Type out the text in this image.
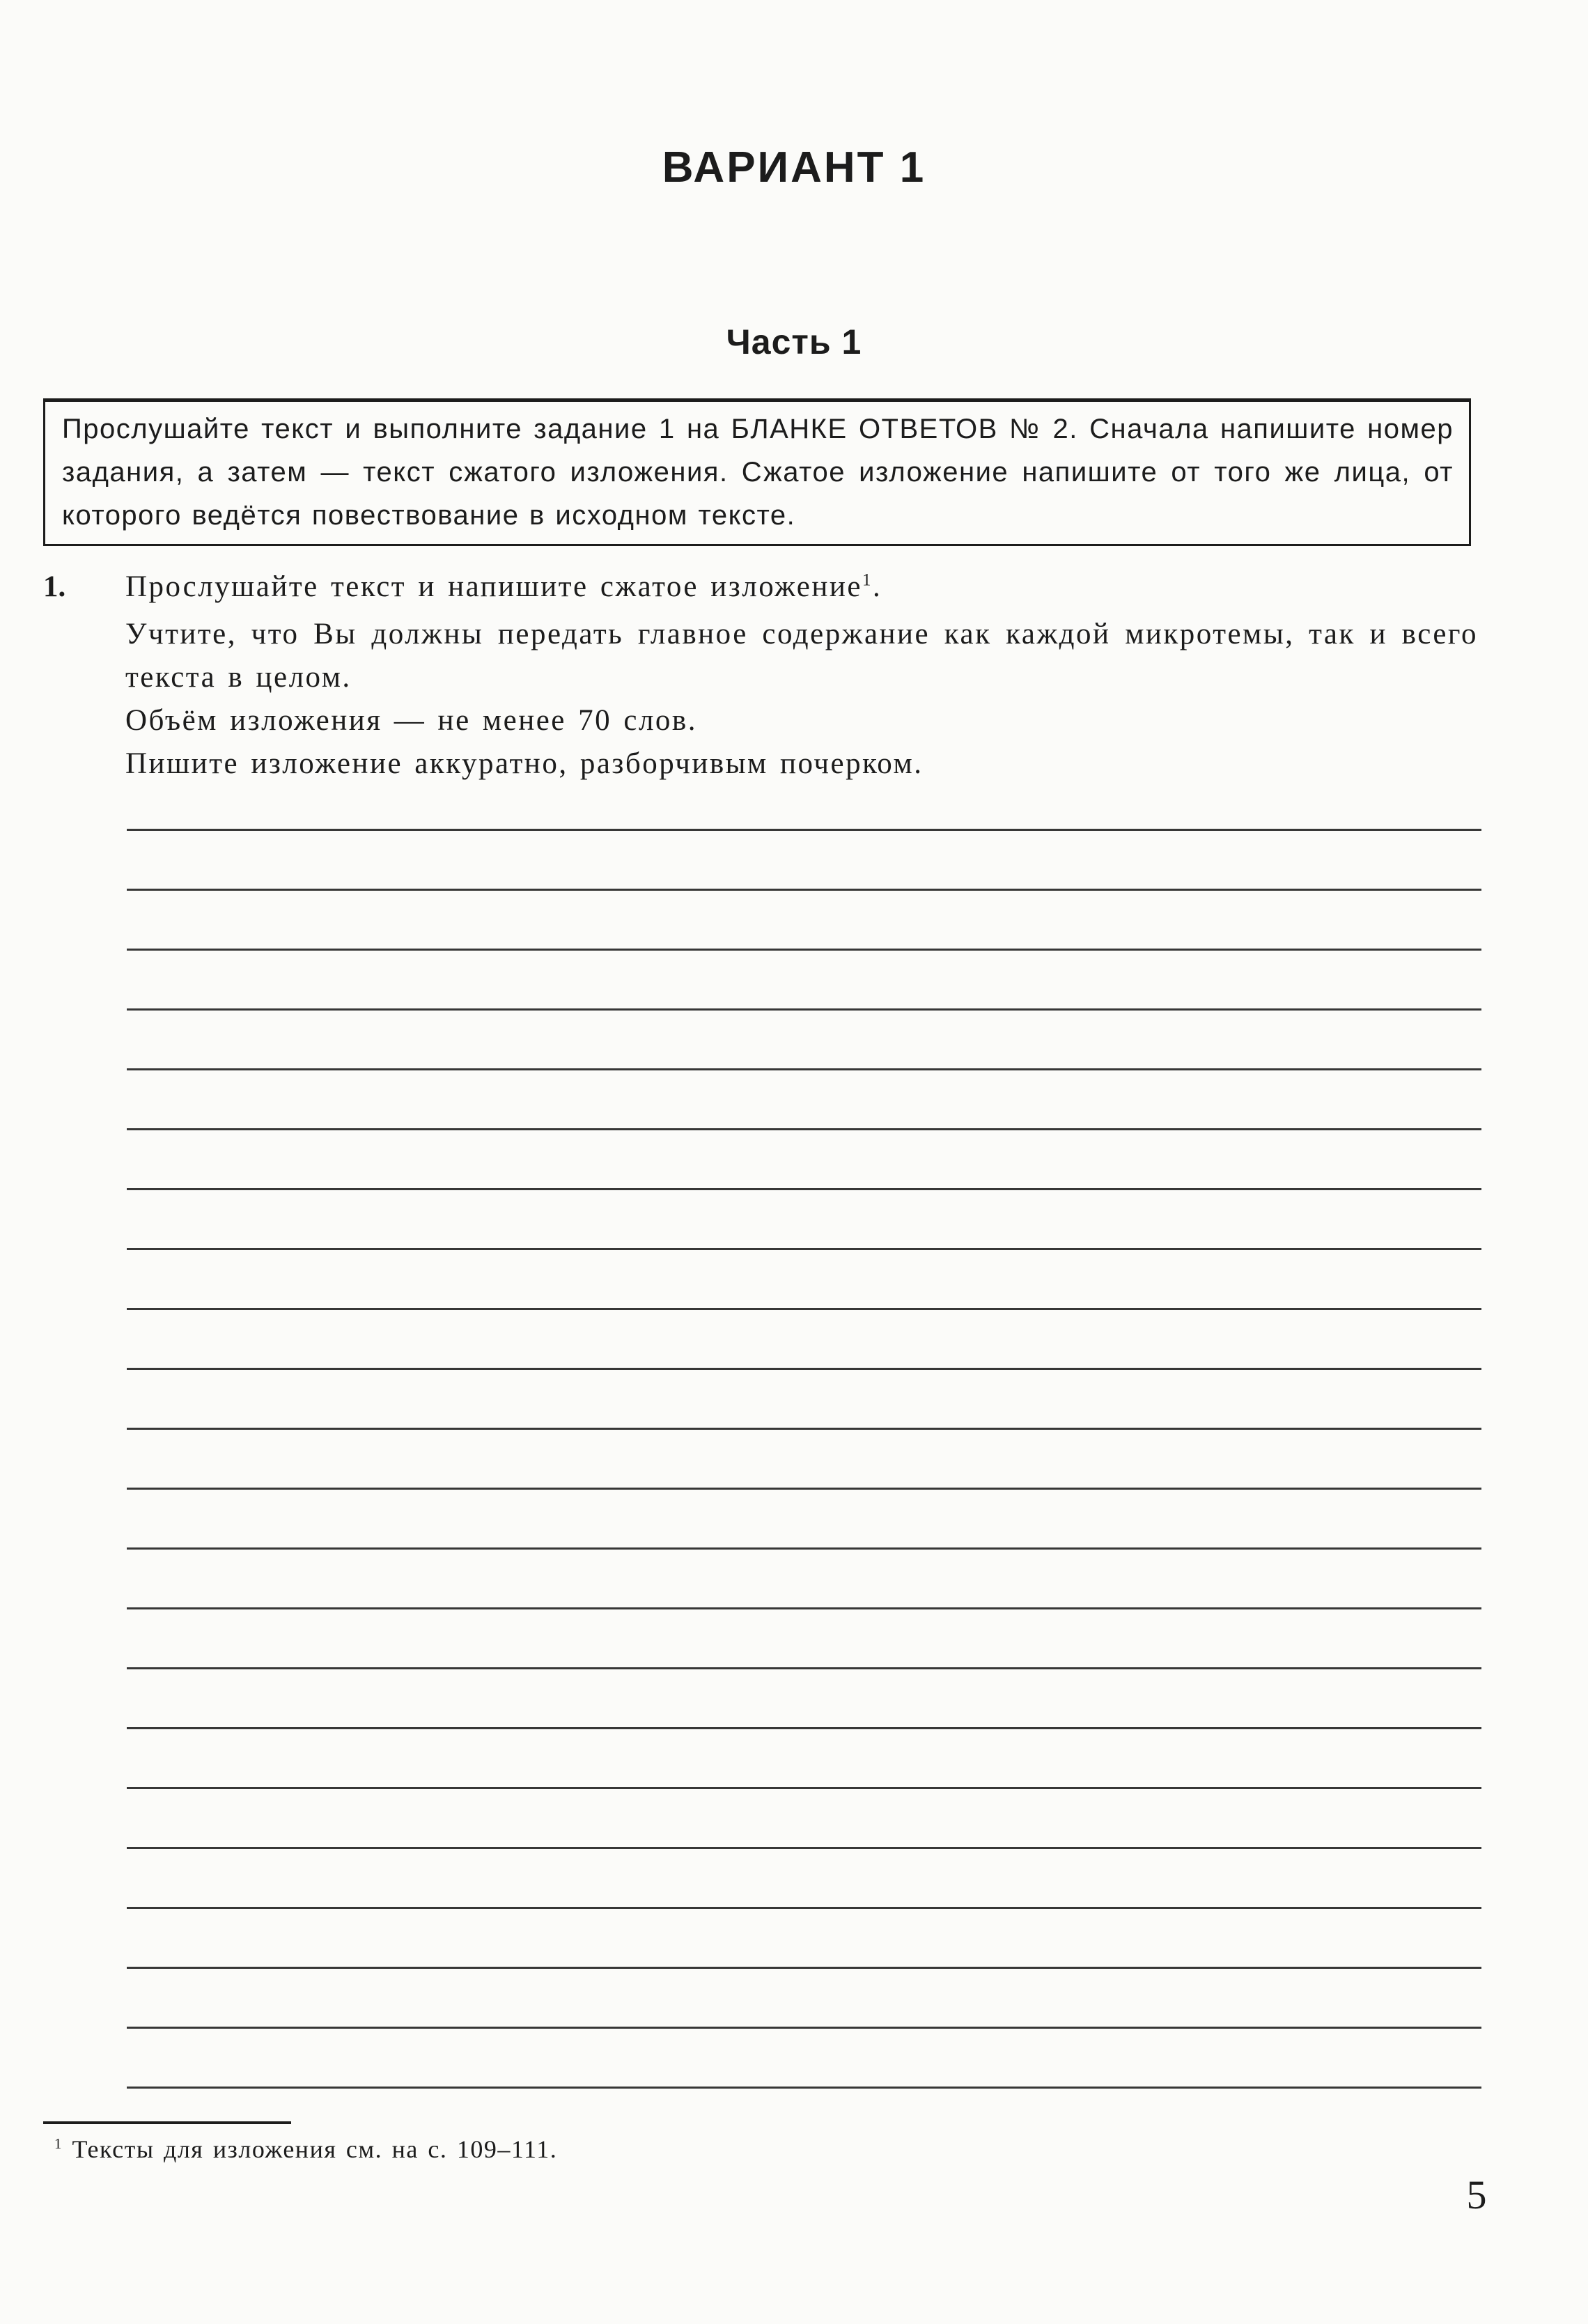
ВАРИАНТ 1
Часть 1

Прослушайте текст и выполните задание 1 на БЛАНКЕ ОТВЕТОВ № 2. Сначала напишите номер задания, а затем — текст сжатого изложения. Сжатое изложение напишите от того же лица, от которого ведётся повествование в исходном тексте.

1. Прослушайте текст и напишите сжатое изложение$^1$.

Учтите, что Вы должны передать главное содержание как каждой микротемы, так и всего текста в целом.

Объём изложения — не менее 70 слов.

Пишите изложение аккуратно, разборчивым почерком.

$^1$ Тексты для изложения см. на с. 109–111.

5
